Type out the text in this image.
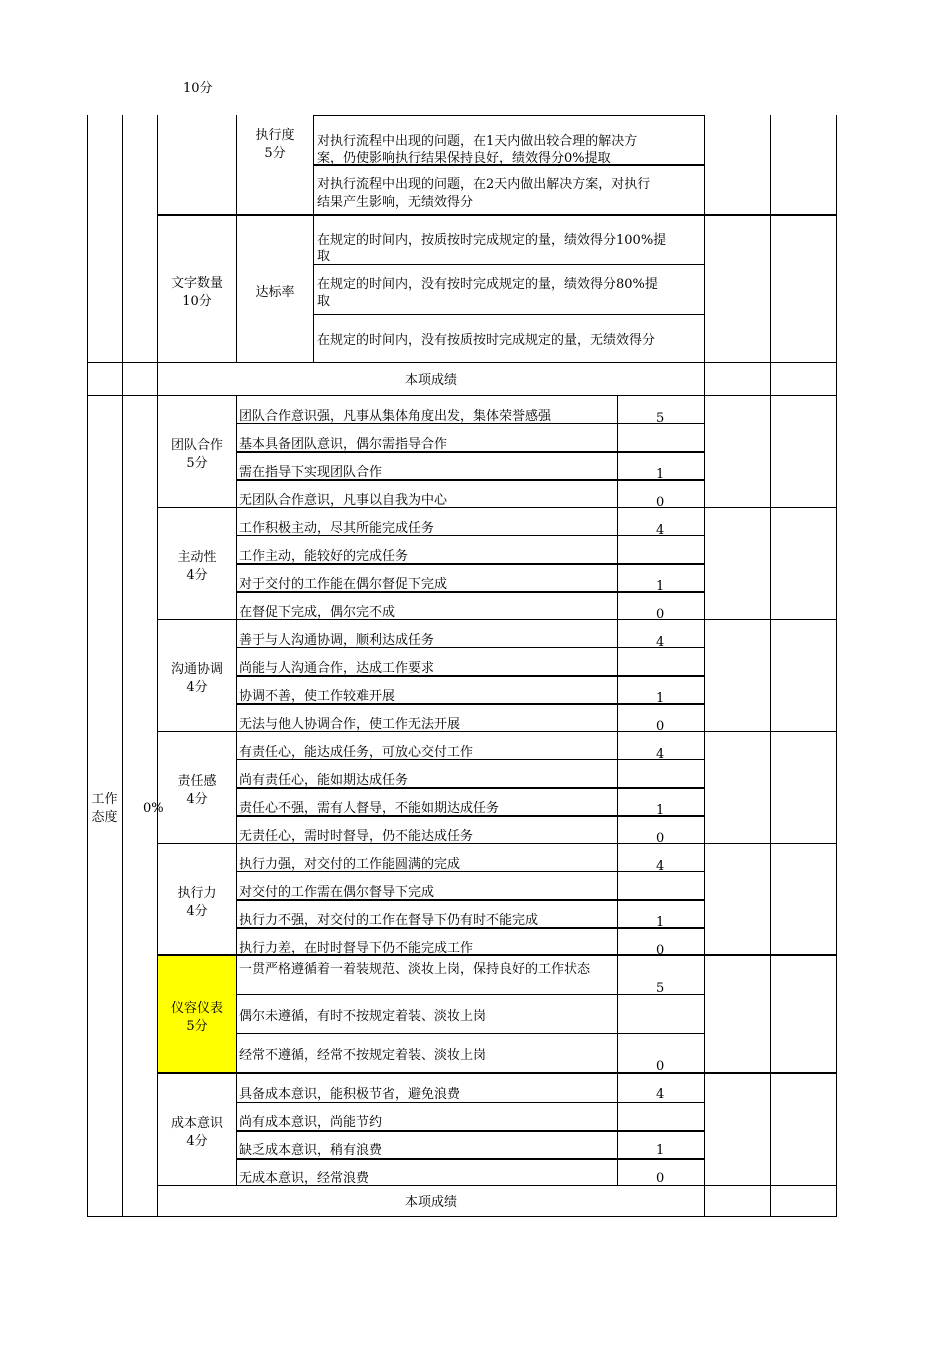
10分
执行度
5分
对执行流程中出现的问题，在1天内做出较合理的解决方
案，仍使影响执行结果保持良好，绩效得分0%提取
对执行流程中出现的问题，在2天内做出解决方案，对执行
结果产生影响，无绩效得分
文字数量
10分
达标率
在规定的时间内，按质按时完成规定的量，绩效得分100%提
取
在规定的时间内，没有按时完成规定的量，绩效得分80%提
取
在规定的时间内，没有按质按时完成规定的量，无绩效得分
本项成绩
工作
态度
0%
团队合作
5分
团队合作意识强，凡事从集体角度出发，集体荣誉感强
基本具备团队意识，偶尔需指导合作
需在指导下实现团队合作
无团队合作意识，凡事以自我为中心
5
1
0
主动性
4分
工作积极主动，尽其所能完成任务
工作主动，能较好的完成任务
对于交付的工作能在偶尔督促下完成
在督促下完成，偶尔完不成
4
1
0
沟通协调
4分
善于与人沟通协调，顺利达成任务
尚能与人沟通合作，达成工作要求
协调不善，使工作较难开展
无法与他人协调合作，使工作无法开展
4
1
0
责任感
4分
有责任心，能达成任务，可放心交付工作
尚有责任心，能如期达成任务
责任心不强，需有人督导，不能如期达成任务
无责任心，需时时督导，仍不能达成任务
4
1
0
执行力
4分
执行力强，对交付的工作能圆满的完成
对交付的工作需在偶尔督导下完成
执行力不强，对交付的工作在督导下仍有时不能完成
执行力差，在时时督导下仍不能完成工作
4
1
0
仪容仪表
5分
一贯严格遵循着一着装规范、淡妆上岗，保持良好的工作状态
偶尔未遵循，有时不按规定着装、淡妆上岗
经常不遵循，经常不按规定着装、淡妆上岗
5
0
成本意识
4分
具备成本意识，能积极节省，避免浪费
尚有成本意识，尚能节约
缺乏成本意识，稍有浪费
无成本意识，经常浪费
4
1
0
本项成绩
